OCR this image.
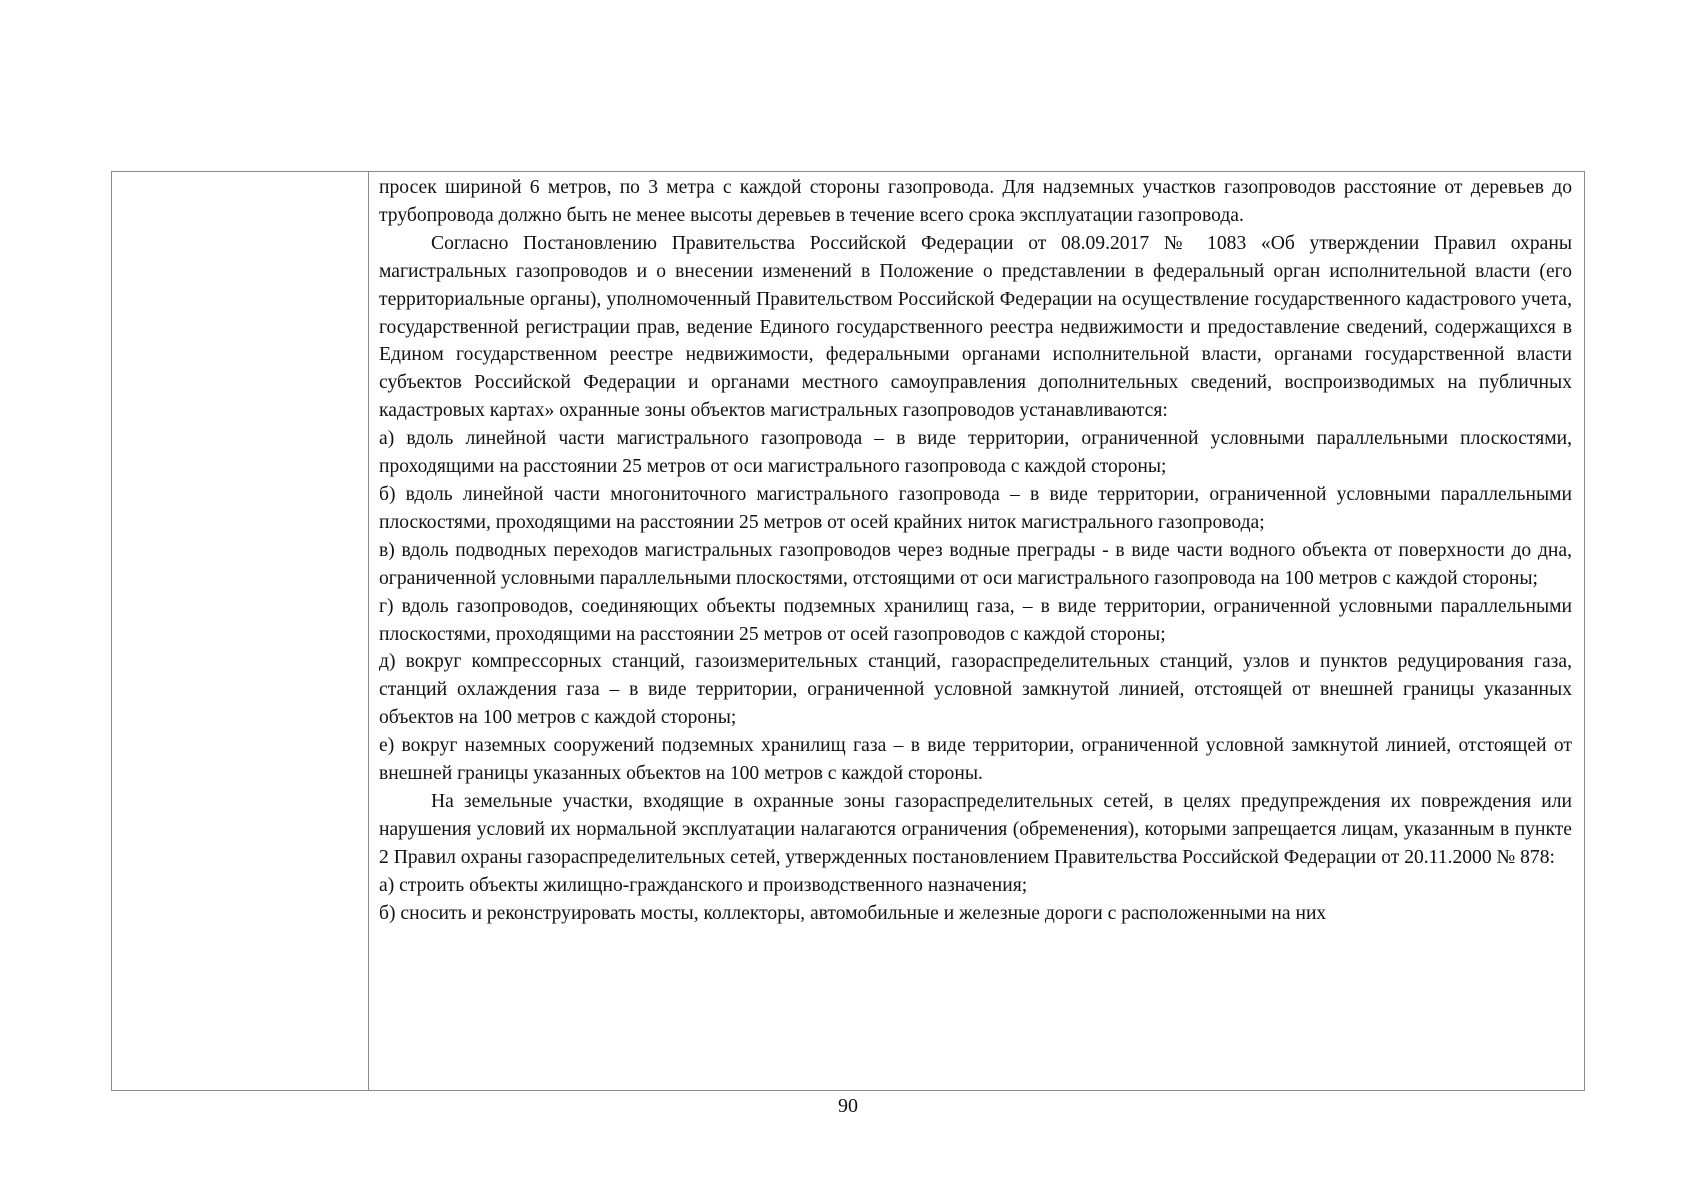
просек шириной 6 метров, по 3 метра с каждой стороны газопровода. Для надземных участков газопроводов расстояние от деревьев до трубопровода должно быть не менее высоты деревьев в течение всего срока эксплуатации газопровода.

Согласно Постановлению Правительства Российской Федерации от 08.09.2017 № 1083 «Об утверждении Правил охраны магистральных газопроводов и о внесении изменений в Положение о представлении в федеральный орган исполнительной власти (его территориальные органы), уполномоченный Правительством Российской Федерации на осуществление государственного кадастрового учета, государственной регистрации прав, ведение Единого государственного реестра недвижимости и предоставление сведений, содержащихся в Едином государственном реестре недвижимости, федеральными органами исполнительной власти, органами государственной власти субъектов Российской Федерации и органами местного самоуправления дополнительных сведений, воспроизводимых на публичных кадастровых картах» охранные зоны объектов магистральных газопроводов устанавливаются:

а) вдоль линейной части магистрального газопровода – в виде территории, ограниченной условными параллельными плоскостями, проходящими на расстоянии 25 метров от оси магистрального газопровода с каждой стороны;

б) вдоль линейной части многониточного магистрального газопровода – в виде территории, ограниченной условными параллельными плоскостями, проходящими на расстоянии 25 метров от осей крайних ниток магистрального газопровода;

в) вдоль подводных переходов магистральных газопроводов через водные преграды - в виде части водного объекта от поверхности до дна, ограниченной условными параллельными плоскостями, отстоящими от оси магистрального газопровода на 100 метров с каждой стороны;

г) вдоль газопроводов, соединяющих объекты подземных хранилищ газа, – в виде территории, ограниченной условными параллельными плоскостями, проходящими на расстоянии 25 метров от осей газопроводов с каждой стороны;

д) вокруг компрессорных станций, газоизмерительных станций, газораспределительных станций, узлов и пунктов редуцирования газа, станций охлаждения газа – в виде территории, ограниченной условной замкнутой линией, отстоящей от внешней границы указанных объектов на 100 метров с каждой стороны;

е) вокруг наземных сооружений подземных хранилищ газа – в виде территории, ограниченной условной замкнутой линией, отстоящей от внешней границы указанных объектов на 100 метров с каждой стороны.

На земельные участки, входящие в охранные зоны газораспределительных сетей, в целях предупреждения их повреждения или нарушения условий их нормальной эксплуатации налагаются ограничения (обременения), которыми запрещается лицам, указанным в пункте 2 Правил охраны газораспределительных сетей, утвержденных постановлением Правительства Российской Федерации от 20.11.2000 № 878:

а) строить объекты жилищно-гражданского и производственного назначения;

б) сносить и реконструировать мосты, коллекторы, автомобильные и железные дороги с расположенными на них

90
